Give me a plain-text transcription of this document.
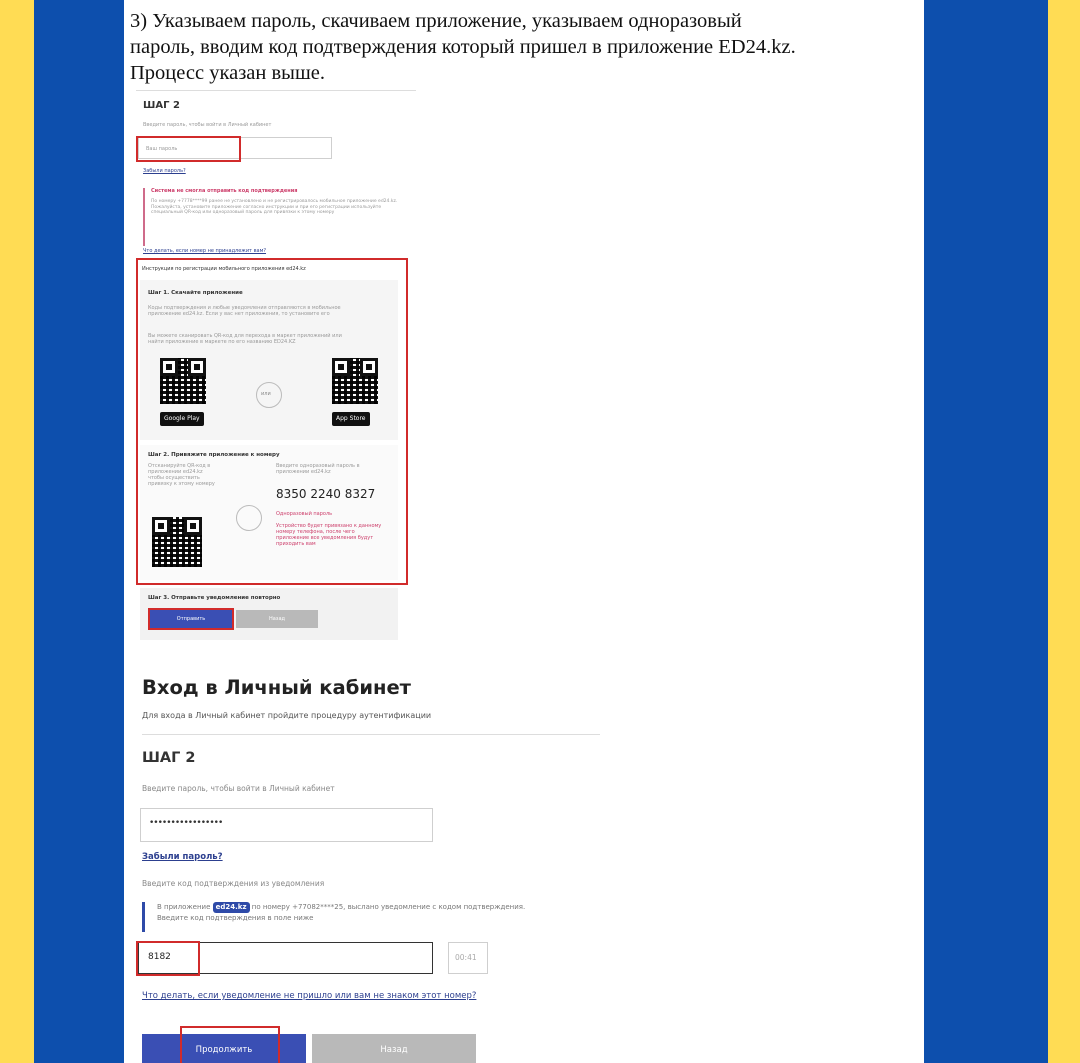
3) Указываем пароль, скачиваем приложение, указываем одноразовый
пароль, вводим код подтверждения который пришел в приложение ED24.kz.
Процесс указан выше.
ШАГ 2
Введите пароль, чтобы войти в Личный кабинет
Ваш пароль
Забыли пароль?
Система не смогла отправить код подтверждения
По номеру +7778****99 ранее не установлено и не регистрировалось мобильное приложение ed24.kz. Пожалуйста, установите приложение согласно инструкции и при его регистрации используйте специальный QR-код или одноразовый пароль для привязки к этому номеру
Что делать, если номер не принадлежит вам?
Инструкция по регистрации мобильного приложения ed24.kz
Шаг 1. Скачайте приложение
Коды подтверждения и любые уведомления отправляются в мобильное приложение ed24.kz. Если у вас нет приложения, то установите его
Вы можете сканировать QR-код для перехода в маркет приложений или найти приложение в маркете по его названию ED24.KZ
или
Google Play	App Store
Шаг 2. Привяжите приложение к номеру
Отсканируйте QR-код в приложении ed24.kz чтобы осуществить привязку к этому номеру
Введите одноразовый пароль в приложении ed24.kz
8350 2240 8327
Одноразовый пароль
Устройство будет привязано к данному номеру телефона, после чего приложение все уведомления будут приходить вам
Шаг 3. Отправьте уведомление повторно
Отправить	Назад
Вход в Личный кабинет
Для входа в Личный кабинет пройдите процедуру аутентификации
ШАГ 2
Введите пароль, чтобы войти в Личный кабинет
•••••••••••••••••
Забыли пароль?
Введите код подтверждения из уведомления
В приложение ed24.kz по номеру +77082****25, выслано уведомление с кодом подтверждения.
Введите код подтверждения в поле ниже
8182	00:41
Что делать, если уведомление не пришло или вам не знаком этот номер?
Продолжить	Назад
